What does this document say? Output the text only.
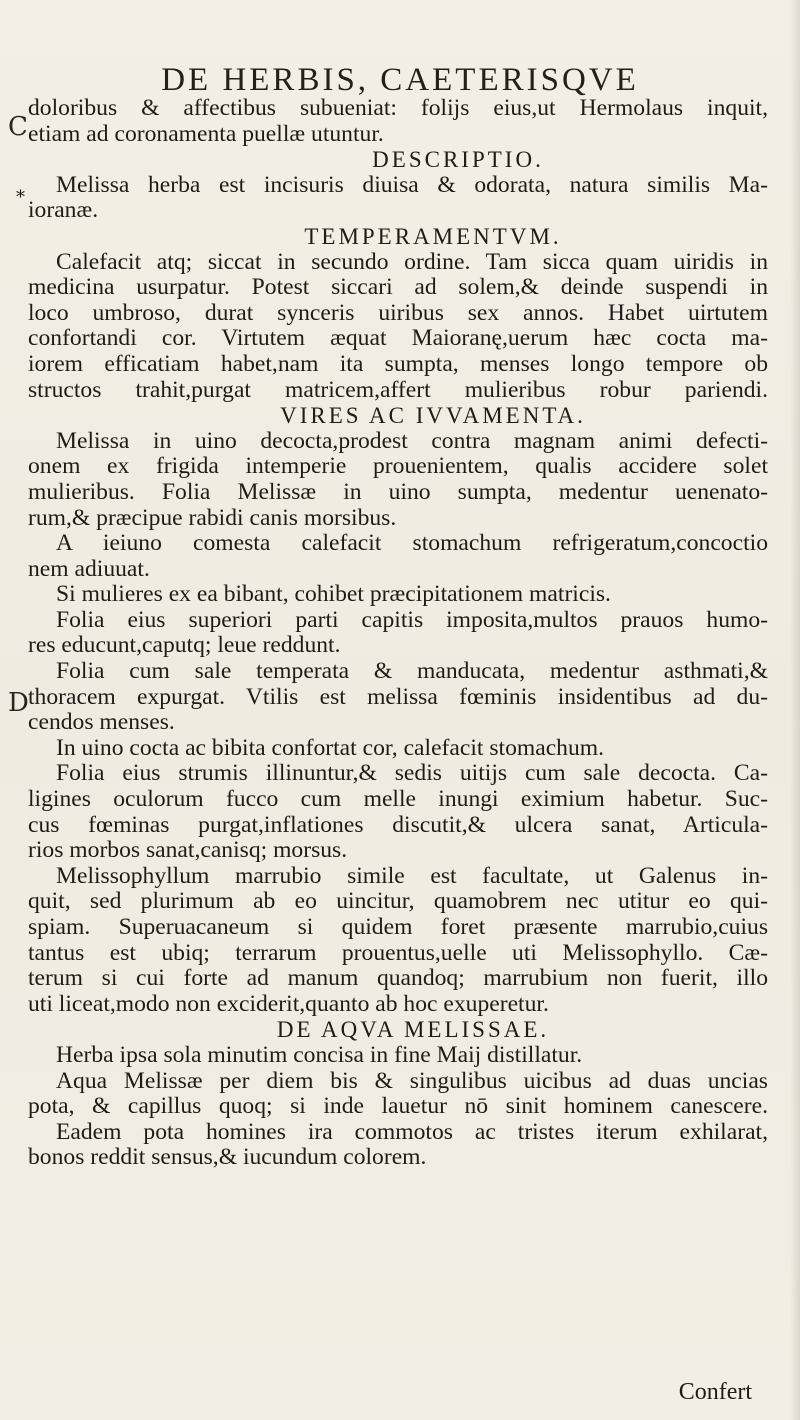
DE HERBIS, CAETERISQVE
C
D
*
doloribus & affectibus subueniat: folijs eius,ut Hermolaus inquit,
etiam ad coronamenta puellæ utuntur.
DESCRIPTIO.
Melissa herba est incisuris diuisa & odorata, natura similis Ma-
ioranæ.
TEMPERAMENTVM.
Calefacit atq; siccat in secundo ordine. Tam sicca quam uiridis in
medicina usurpatur. Potest siccari ad solem,& deinde suspendi in
loco umbroso, durat synceris uiribus sex annos. Habet uirtutem
confortandi cor. Virtutem æquat Maioranę,uerum hæc cocta ma-
iorem efficatiam habet,nam ita sumpta, menses longo tempore ob
structos trahit,purgat matricem,affert mulieribus robur pariendi.
VIRES AC IVVAMENTA.
Melissa in uino decocta,prodest contra magnam animi defecti-
onem ex frigida intemperie prouenientem, qualis accidere solet
mulieribus. Folia Melissæ in uino sumpta, medentur uenenato-
rum,& præcipue rabidi canis morsibus.
A ieiuno comesta calefacit stomachum refrigeratum,concoctio
nem adiuuat.
Si mulieres ex ea bibant, cohibet præcipitationem matricis.
Folia eius superiori parti capitis imposita,multos prauos humo-
res educunt,caputq; leue reddunt.
Folia cum sale temperata & manducata, medentur asthmati,&
thoracem expurgat. Vtilis est melissa fœminis insidentibus ad du-
cendos menses.
In uino cocta ac bibita confortat cor, calefacit stomachum.
Folia eius strumis illinuntur,& sedis uitijs cum sale decocta. Ca-
ligines oculorum fucco cum melle inungi eximium habetur. Suc-
cus fœminas purgat,inflationes discutit,& ulcera sanat, Articula-
rios morbos sanat,canisq; morsus.
Melissophyllum marrubio simile est facultate, ut Galenus in-
quit, sed plurimum ab eo uincitur, quamobrem nec utitur eo qui-
spiam. Superuacaneum si quidem foret præsente marrubio,cuius
tantus est ubiq; terrarum prouentus,uelle uti Melissophyllo. Cæ-
terum si cui forte ad manum quandoq; marrubium non fuerit, illo
uti liceat,modo non exciderit,quanto ab hoc exuperetur.
DE AQVA MELISSAE.
Herba ipsa sola minutim concisa in fine Maij distillatur.
Aqua Melissæ per diem bis & singulibus uicibus ad duas uncias
pota, & capillus quoq; si inde lauetur nō sinit hominem canescere.
Eadem pota homines ira commotos ac tristes iterum exhilarat,
bonos reddit sensus,& iucundum colorem.
Confert
